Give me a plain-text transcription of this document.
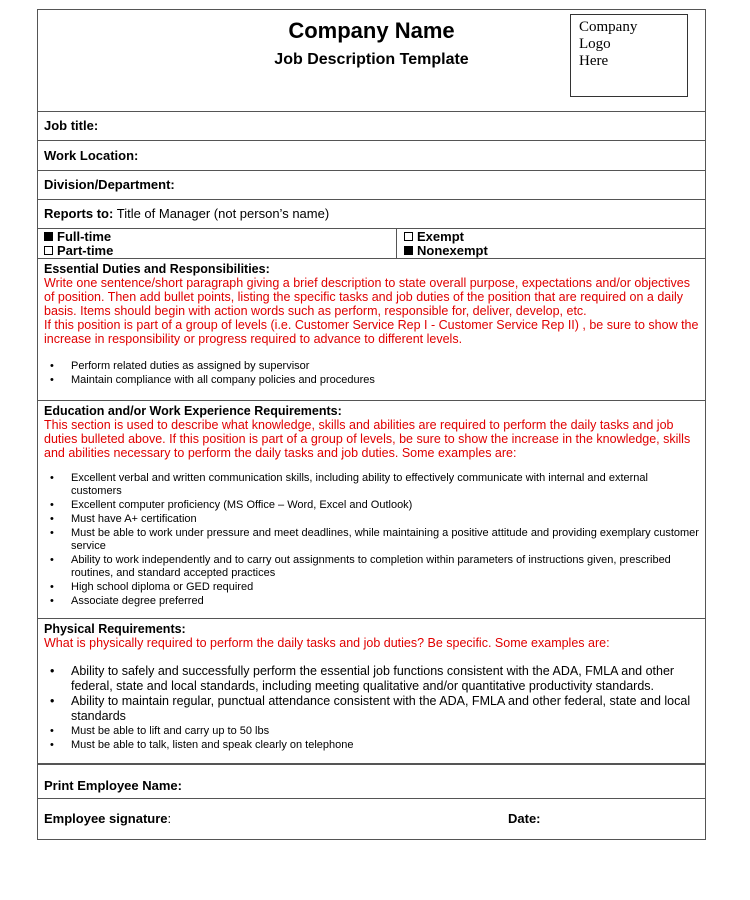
Company Name
Job Description Template
Company
Logo
Here
Job title:
Work Location:
Division/Department:
Reports to: Title of Manager (not person’s name)
Full-time
Part-time
Exempt
Nonexempt
Essential Duties and Responsibilities:

Write one sentence/short paragraph giving a brief description to state overall purpose, expectations and/or objectives of position. Then add bullet points, listing the specific tasks and job duties of the position that are required on a daily basis. Items should begin with action words such as perform, responsible for, deliver, develop, etc.

If this position is part of a group of levels (i.e. Customer Service Rep I - Customer Service Rep II) , be sure to show the increase in responsibility or progress required to advance to different levels.

• Perform related duties as assigned by supervisor
• Maintain compliance with all company policies and procedures
Education and/or Work Experience Requirements:

This section is used to describe what knowledge, skills and abilities are required to perform the daily tasks and job duties bulleted above. If this position is part of a group of levels, be sure to show the increase in the knowledge, skills and abilities necessary to perform the daily tasks and job duties. Some examples are:

• Excellent verbal and written communication skills, including ability to effectively communicate with internal and external customers
• Excellent computer proficiency (MS Office – Word, Excel and Outlook)
• Must have A+ certification
• Must be able to work under pressure and meet deadlines, while maintaining a positive attitude and providing exemplary customer service
• Ability to work independently and to carry out assignments to completion within parameters of instructions given, prescribed routines, and standard accepted practices
• High school diploma or GED required
• Associate degree preferred
Physical Requirements:

What is physically required to perform the daily tasks and job duties? Be specific. Some examples are:

• Ability to safely and successfully perform the essential job functions consistent with the ADA, FMLA and other federal, state and local standards, including meeting qualitative and/or quantitative productivity standards.
• Ability to maintain regular, punctual attendance consistent with the ADA, FMLA and other federal, state and local standards
• Must be able to lift and carry up to 50 lbs
• Must be able to talk, listen and speak clearly on telephone
Print Employee Name:
Employee signature:	Date:
